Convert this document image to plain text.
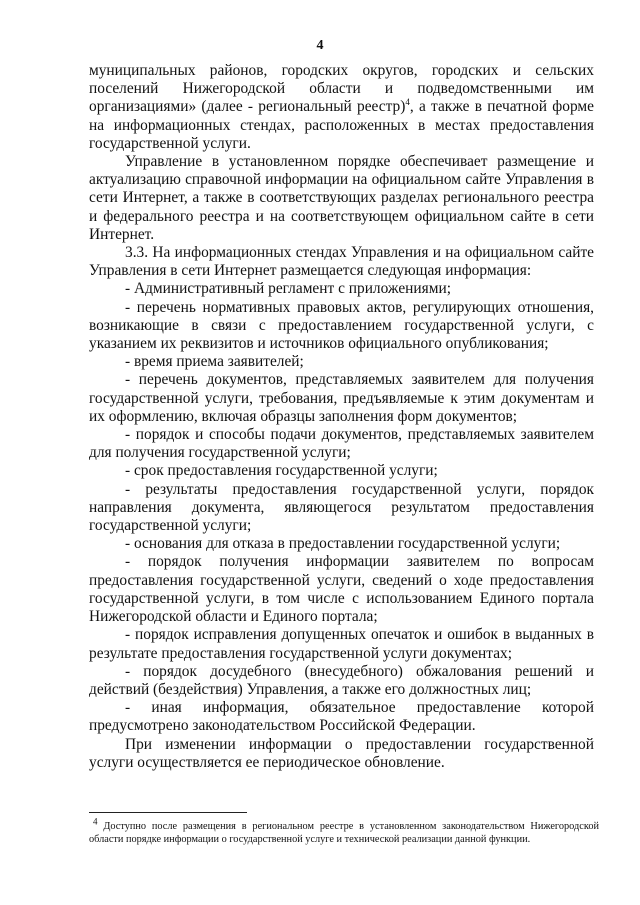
4

муниципальных районов, городских округов, городских и сельских поселений Нижегородской области и подведомственными им организациями» (далее - региональный реестр)$^4$, а также в печатной форме на информационных стендах, расположенных в местах предоставления государственной услуги.

Управление в установленном порядке обеспечивает размещение и актуализацию справочной информации на официальном сайте Управления в сети Интернет, а также в соответствующих разделах регионального реестра и федерального реестра и на соответствующем официальном сайте в сети Интернет.

3.3. На информационных стендах Управления и на официальном сайте Управления в сети Интернет размещается следующая информация:

- Административный регламент с приложениями;

- перечень нормативных правовых актов, регулирующих отношения, возникающие в связи с предоставлением государственной услуги, с указанием их реквизитов и источников официального опубликования;

- время приема заявителей;

- перечень документов, представляемых заявителем для получения государственной услуги, требования, предъявляемые к этим документам и их оформлению, включая образцы заполнения форм документов;

- порядок и способы подачи документов, представляемых заявителем для получения государственной услуги;

- срок предоставления государственной услуги;

- результаты предоставления государственной услуги, порядок направления документа, являющегося результатом предоставления государственной услуги;

- основания для отказа в предоставлении государственной услуги;

- порядок получения информации заявителем по вопросам предоставления государственной услуги, сведений о ходе предоставления государственной услуги, в том числе с использованием Единого портала Нижегородской области и Единого портала;

- порядок исправления допущенных опечаток и ошибок в выданных в результате предоставления государственной услуги документах;

- порядок досудебного (внесудебного) обжалования решений и действий (бездействия) Управления, а также его должностных лиц;

- иная информация, обязательное предоставление которой предусмотрено законодательством Российской Федерации.

При изменении информации о предоставлении государственной услуги осуществляется ее периодическое обновление.

$^4$ Доступно после размещения в региональном реестре в установленном законодательством Нижегородской области порядке информации о государственной услуге и технической реализации данной функции.
